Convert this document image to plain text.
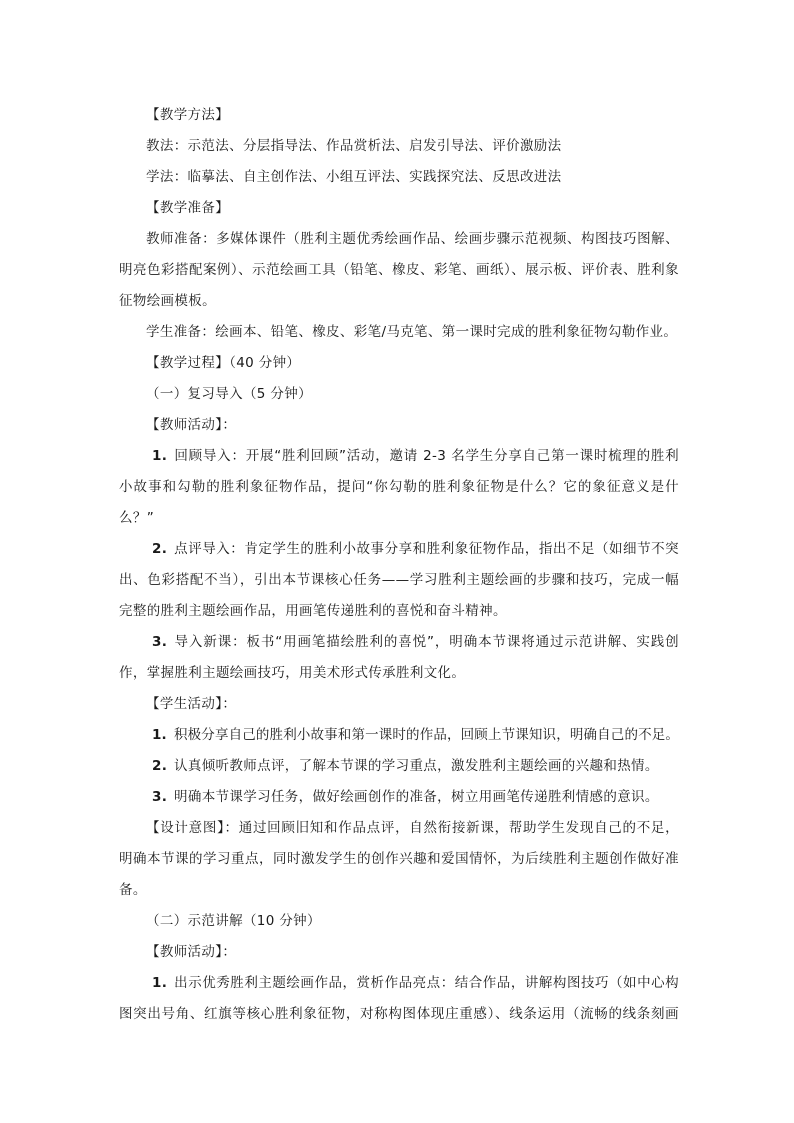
【教学方法】
教法：示范法、分层指导法、作品赏析法、启发引导法、评价激励法
学法：临摹法、自主创作法、小组互评法、实践探究法、反思改进法
【教学准备】
教师准备：多媒体课件（胜利主题优秀绘画作品、绘画步骤示范视频、构图技巧图解、
明亮色彩搭配案例）、示范绘画工具（铅笔、橡皮、彩笔、画纸）、展示板、评价表、胜利象
征物绘画模板。
学生准备：绘画本、铅笔、橡皮、彩笔/马克笔、第一课时完成的胜利象征物勾勒作业。
【教学过程】（40 分钟）
（一）复习导入（5 分钟）
【教师活动】：
1. 回顾导入：开展“胜利回顾”活动，邀请 2-3 名学生分享自己第一课时梳理的胜利
小故事和勾勒的胜利象征物作品，提问“你勾勒的胜利象征物是什么？它的象征意义是什
么？”
2. 点评导入：肯定学生的胜利小故事分享和胜利象征物作品，指出不足（如细节不突
出、色彩搭配不当），引出本节课核心任务——学习胜利主题绘画的步骤和技巧，完成一幅
完整的胜利主题绘画作品，用画笔传递胜利的喜悦和奋斗精神。
3. 导入新课：板书“用画笔描绘胜利的喜悦”，明确本节课将通过示范讲解、实践创
作，掌握胜利主题绘画技巧，用美术形式传承胜利文化。
【学生活动】：
1. 积极分享自己的胜利小故事和第一课时的作品，回顾上节课知识，明确自己的不足。
2. 认真倾听教师点评，了解本节课的学习重点，激发胜利主题绘画的兴趣和热情。
3. 明确本节课学习任务，做好绘画创作的准备，树立用画笔传递胜利情感的意识。
【设计意图】：通过回顾旧知和作品点评，自然衔接新课，帮助学生发现自己的不足，
明确本节课的学习重点，同时激发学生的创作兴趣和爱国情怀，为后续胜利主题创作做好准
备。
（二）示范讲解（10 分钟）
【教师活动】：
1. 出示优秀胜利主题绘画作品，赏析作品亮点：结合作品，讲解构图技巧（如中心构
图突出号角、红旗等核心胜利象征物，对称构图体现庄重感）、线条运用（流畅的线条刻画
